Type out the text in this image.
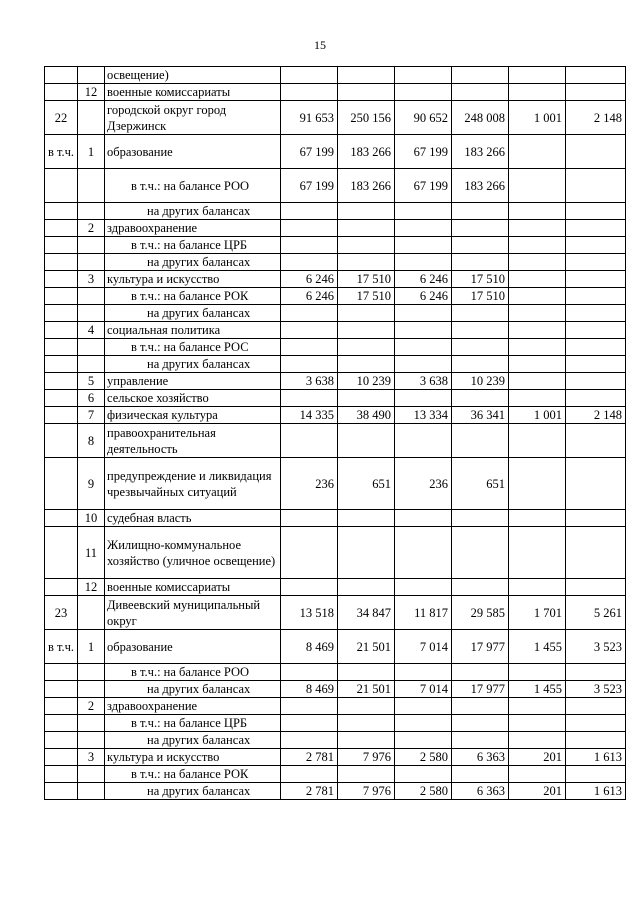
15
		освещение)						
	12	военные комиссариаты						
22		городской округ город Дзержинск	91 653	250 156	90 652	248 008	1 001	2 148
в т.ч.	1	образование	67 199	183 266	67 199	183 266		
		в т.ч.: на балансе РОО	67 199	183 266	67 199	183 266		
		на других балансах						
	2	здравоохранение						
		в т.ч.: на балансе ЦРБ						
		на других балансах						
	3	культура и искусство	6 246	17 510	6 246	17 510		
		в т.ч.: на балансе РОК	6 246	17 510	6 246	17 510		
		на других балансах						
	4	социальная политика						
		в т.ч.: на балансе РОС						
		на других балансах						
	5	управление	3 638	10 239	3 638	10 239		
	6	сельское хозяйство						
	7	физическая культура	14 335	38 490	13 334	36 341	1 001	2 148
	8	правоохранительная деятельность						
	9	предупреждение и ликвидация чрезвычайных ситуаций	236	651	236	651		
	10	судебная власть						
	11	Жилищно-коммунальное хозяйство (уличное освещение)						
	12	военные комиссариаты						
23		Дивеевский муниципальный округ	13 518	34 847	11 817	29 585	1 701	5 261
в т.ч.	1	образование	8 469	21 501	7 014	17 977	1 455	3 523
		в т.ч.: на балансе РОО						
		на других балансах	8 469	21 501	7 014	17 977	1 455	3 523
	2	здравоохранение						
		в т.ч.: на балансе ЦРБ						
		на других балансах						
	3	культура и искусство	2 781	7 976	2 580	6 363	201	1 613
		в т.ч.: на балансе РОК						
		на других балансах	2 781	7 976	2 580	6 363	201	1 613
